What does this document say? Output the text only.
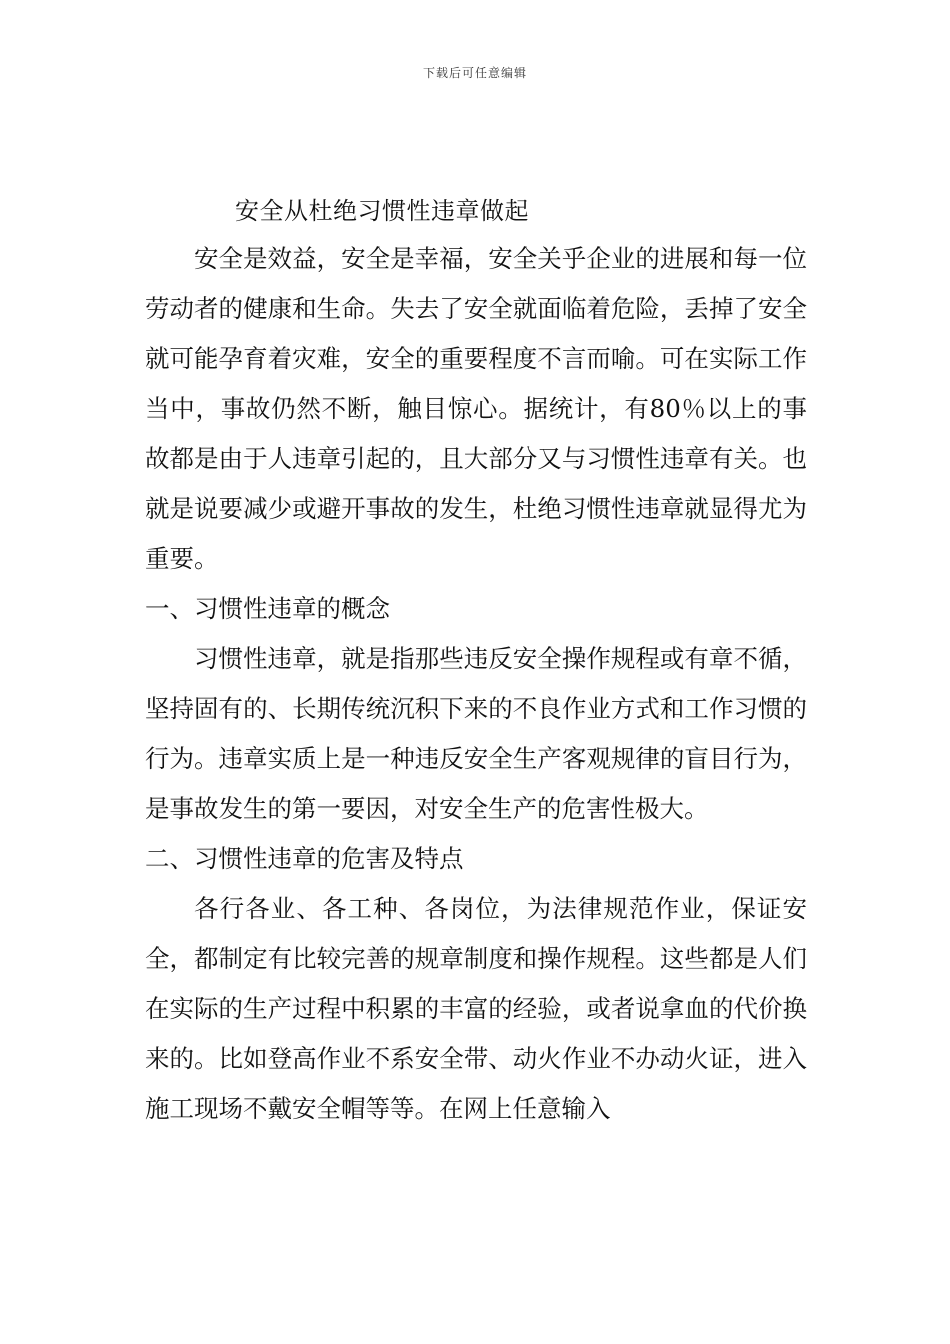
下载后可任意编辑
安全从杜绝习惯性违章做起

安全是效益，安全是幸福，安全关乎企业的进展和每一位劳动者的健康和生命。失去了安全就面临着危险，丢掉了安全就可能孕育着灾难，安全的重要程度不言而喻。可在实际工作当中，事故仍然不断，触目惊心。据统计，有80％以上的事故都是由于人违章引起的，且大部分又与习惯性违章有关。也就是说要减少或避开事故的发生，杜绝习惯性违章就显得尤为重要。

一、习惯性违章的概念

习惯性违章，就是指那些违反安全操作规程或有章不循，坚持固有的、长期传统沉积下来的不良作业方式和工作习惯的行为。违章实质上是一种违反安全生产客观规律的盲目行为，是事故发生的第一要因，对安全生产的危害性极大。

二、习惯性违章的危害及特点

各行各业、各工种、各岗位，为法律规范作业，保证安全，都制定有比较完善的规章制度和操作规程。这些都是人们在实际的生产过程中积累的丰富的经验，或者说拿血的代价换来的。比如登高作业不系安全带、动火作业不办动火证，进入施工现场不戴安全帽等等。在网上任意输入
